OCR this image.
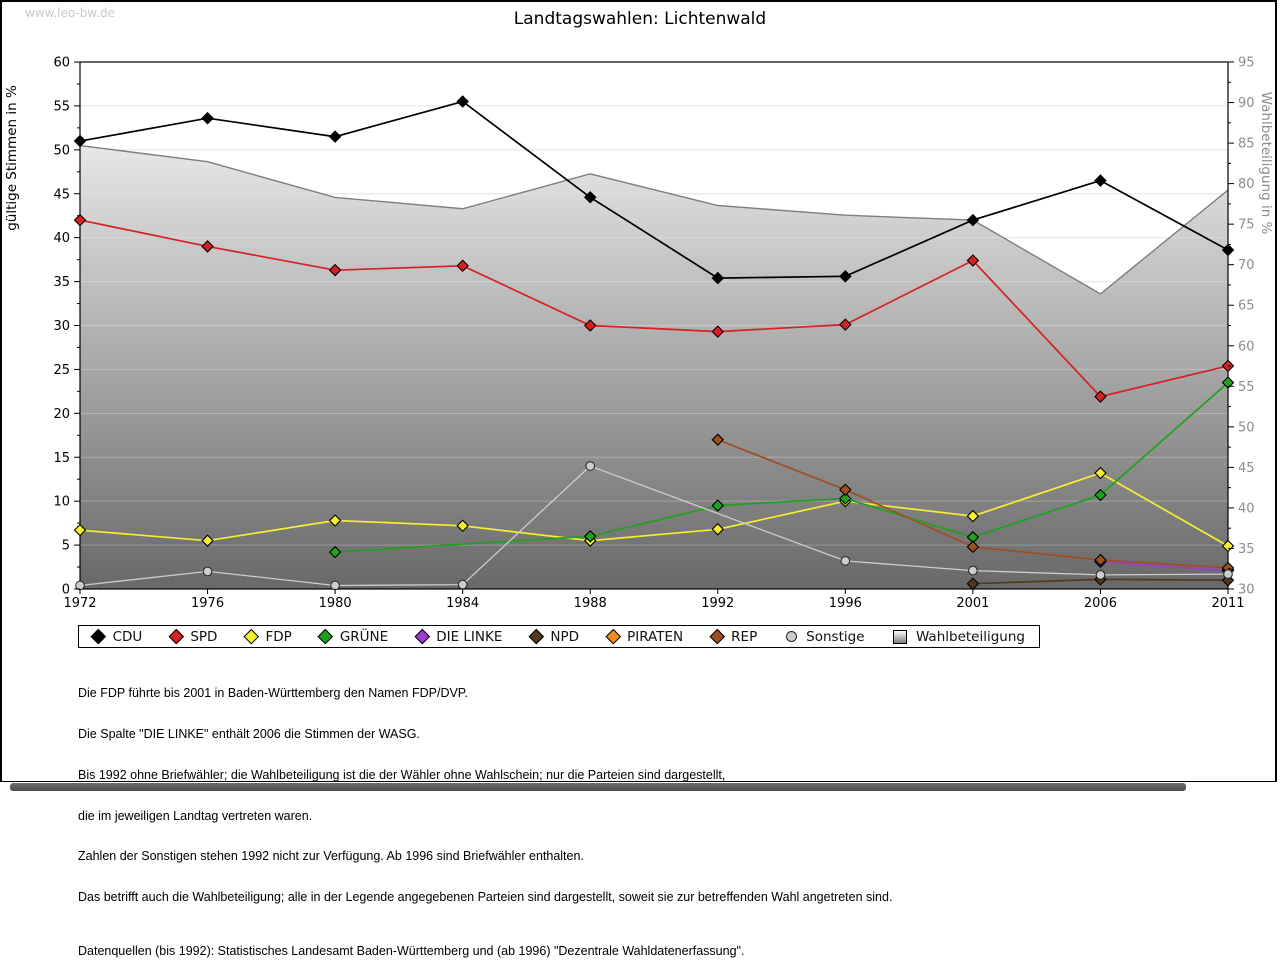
www.leo-bw.de	Landtagswahlen: Lichtenwald
gültige Stimmen in %	Wahlbeteiligung in %
0
5
10
15
20
25
30
35
40
45
50
55
60
30
35
40
45
50
55
60
65
70
75
80
85
90
95
1972	1976	1980	1984	1988	1992	1996	2001	2006	2011
CDU	SPD	FDP	GRÜNE	DIE LINKE	NPD	PIRATEN	REP	Sonstige	Wahlbeteiligung

Die FDP führte bis 2001 in Baden-Württemberg den Namen FDP/DVP.

Die Spalte "DIE LINKE" enthält 2006 die Stimmen der WASG.

Bis 1992 ohne Briefwähler; die Wahlbeteiligung ist die der Wähler ohne Wahlschein; nur die Parteien sind dargestellt,

die im jeweiligen Landtag vertreten waren.

Zahlen der Sonstigen stehen 1992 nicht zur Verfügung. Ab 1996 sind Briefwähler enthalten.

Das betrifft auch die Wahlbeteiligung; alle in der Legende angegebenen Parteien sind dargestellt, soweit sie zur betreffenden Wahl angetreten sind.

Datenquellen (bis 1992): Statistisches Landesamt Baden-Württemberg und (ab 1996) "Dezentrale Wahldatenerfassung".
